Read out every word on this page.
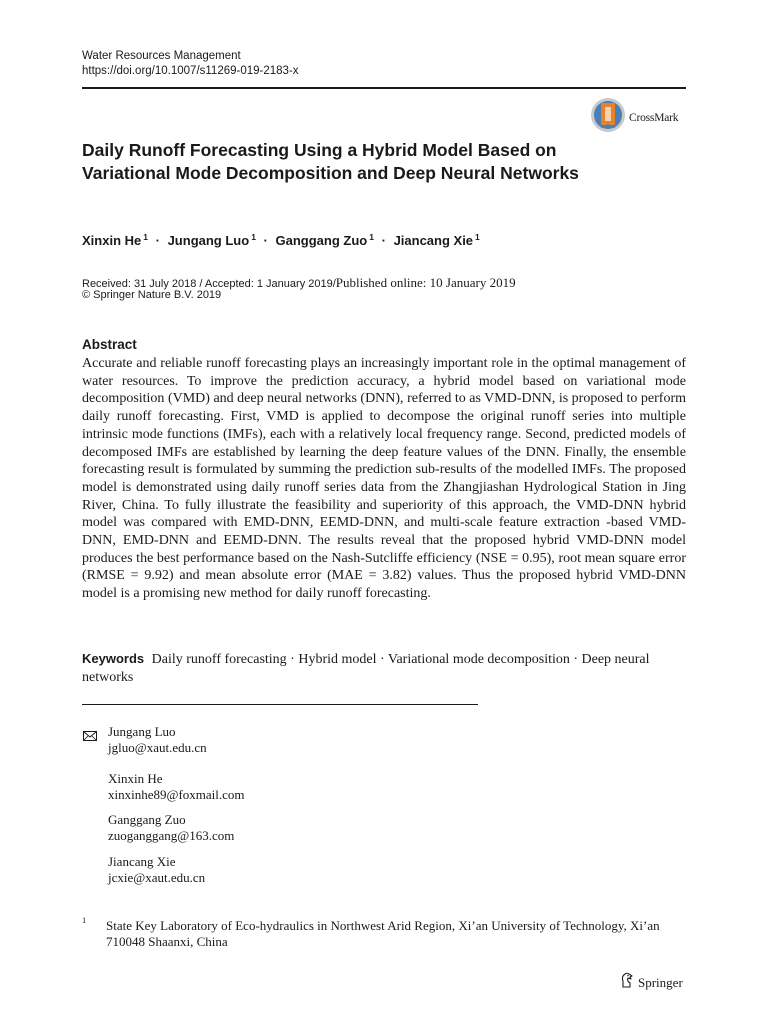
Water Resources Management
https://doi.org/10.1007/s11269-019-2183-x
CrossMark
Daily Runoff Forecasting Using a Hybrid Model Based on Variational Mode Decomposition and Deep Neural Networks
Xinxin He $^1$ · Jungang Luo $^1$ · Ganggang Zuo $^1$ · Jiancang Xie $^1$
Received: 31 July 2018 / Accepted: 1 January 2019/Published online: 10 January 2019
© Springer Nature B.V. 2019
Abstract
Accurate and reliable runoff forecasting plays an increasingly important role in the optimal management of water resources. To improve the prediction accuracy, a hybrid model based on variational mode decomposition (VMD) and deep neural networks (DNN), referred to as VMD-DNN, is proposed to perform daily runoff forecasting. First, VMD is applied to decompose the original runoff series into multiple intrinsic mode functions (IMFs), each with a relatively local frequency range. Second, predicted models of decomposed IMFs are established by learning the deep feature values of the DNN. Finally, the ensemble forecasting result is formulated by summing the prediction sub-results of the modelled IMFs. The proposed model is demonstrated using daily runoff series data from the Zhangjiashan Hydrological Station in Jing River, China. To fully illustrate the feasibility and superiority of this approach, the VMD-DNN hybrid model was compared with EMD-DNN, EEMD-DNN, and multi-scale feature extraction -based VMD-DNN, EMD-DNN and EEMD-DNN. The results reveal that the proposed hybrid VMD-DNN model produces the best performance based on the Nash-Sutcliffe efficiency (NSE = 0.95), root mean square error (RMSE = 9.92) and mean absolute error (MAE = 3.82) values. Thus the proposed hybrid VMD-DNN model is a promising new method for daily runoff forecasting.
Keywords Daily runoff forecasting · Hybrid model · Variational mode decomposition · Deep neural networks
Jungang Luo
jgluo@xaut.edu.cn
Xinxin He
xinxinhe89@foxmail.com
Ganggang Zuo
zuoganggang@163.com
Jiancang Xie
jcxie@xaut.edu.cn
1 State Key Laboratory of Eco-hydraulics in Northwest Arid Region, Xi’an University of Technology, Xi’an 710048 Shaanxi, China
Springer
